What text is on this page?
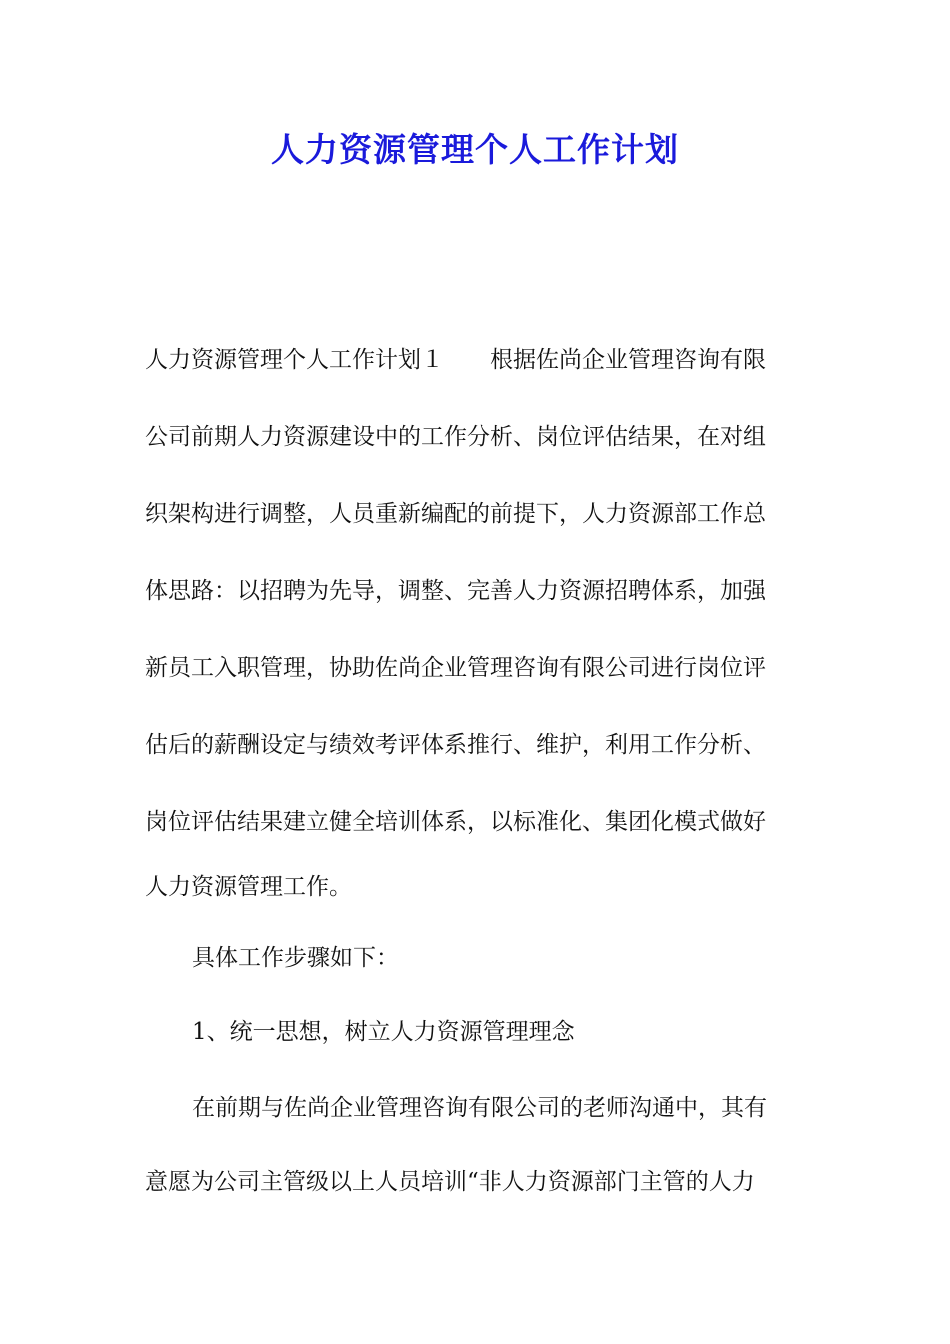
人力资源管理个人工作计划
人力资源管理个人工作计划１ 根据佐尚企业管理咨询有限
公司前期人力资源建设中的工作分析、岗位评估结果，在对组
织架构进行调整，人员重新编配的前提下，人力资源部工作总
体思路：以招聘为先导，调整、完善人力资源招聘体系，加强
新员工入职管理，协助佐尚企业管理咨询有限公司进行岗位评
估后的薪酬设定与绩效考评体系推行、维护，利用工作分析、
岗位评估结果建立健全培训体系，以标准化、集团化模式做好
人力资源管理工作。
具体工作步骤如下：
1、统一思想，树立人力资源管理理念
在前期与佐尚企业管理咨询有限公司的老师沟通中，其有
意愿为公司主管级以上人员培训“非人力资源部门主管的人力
